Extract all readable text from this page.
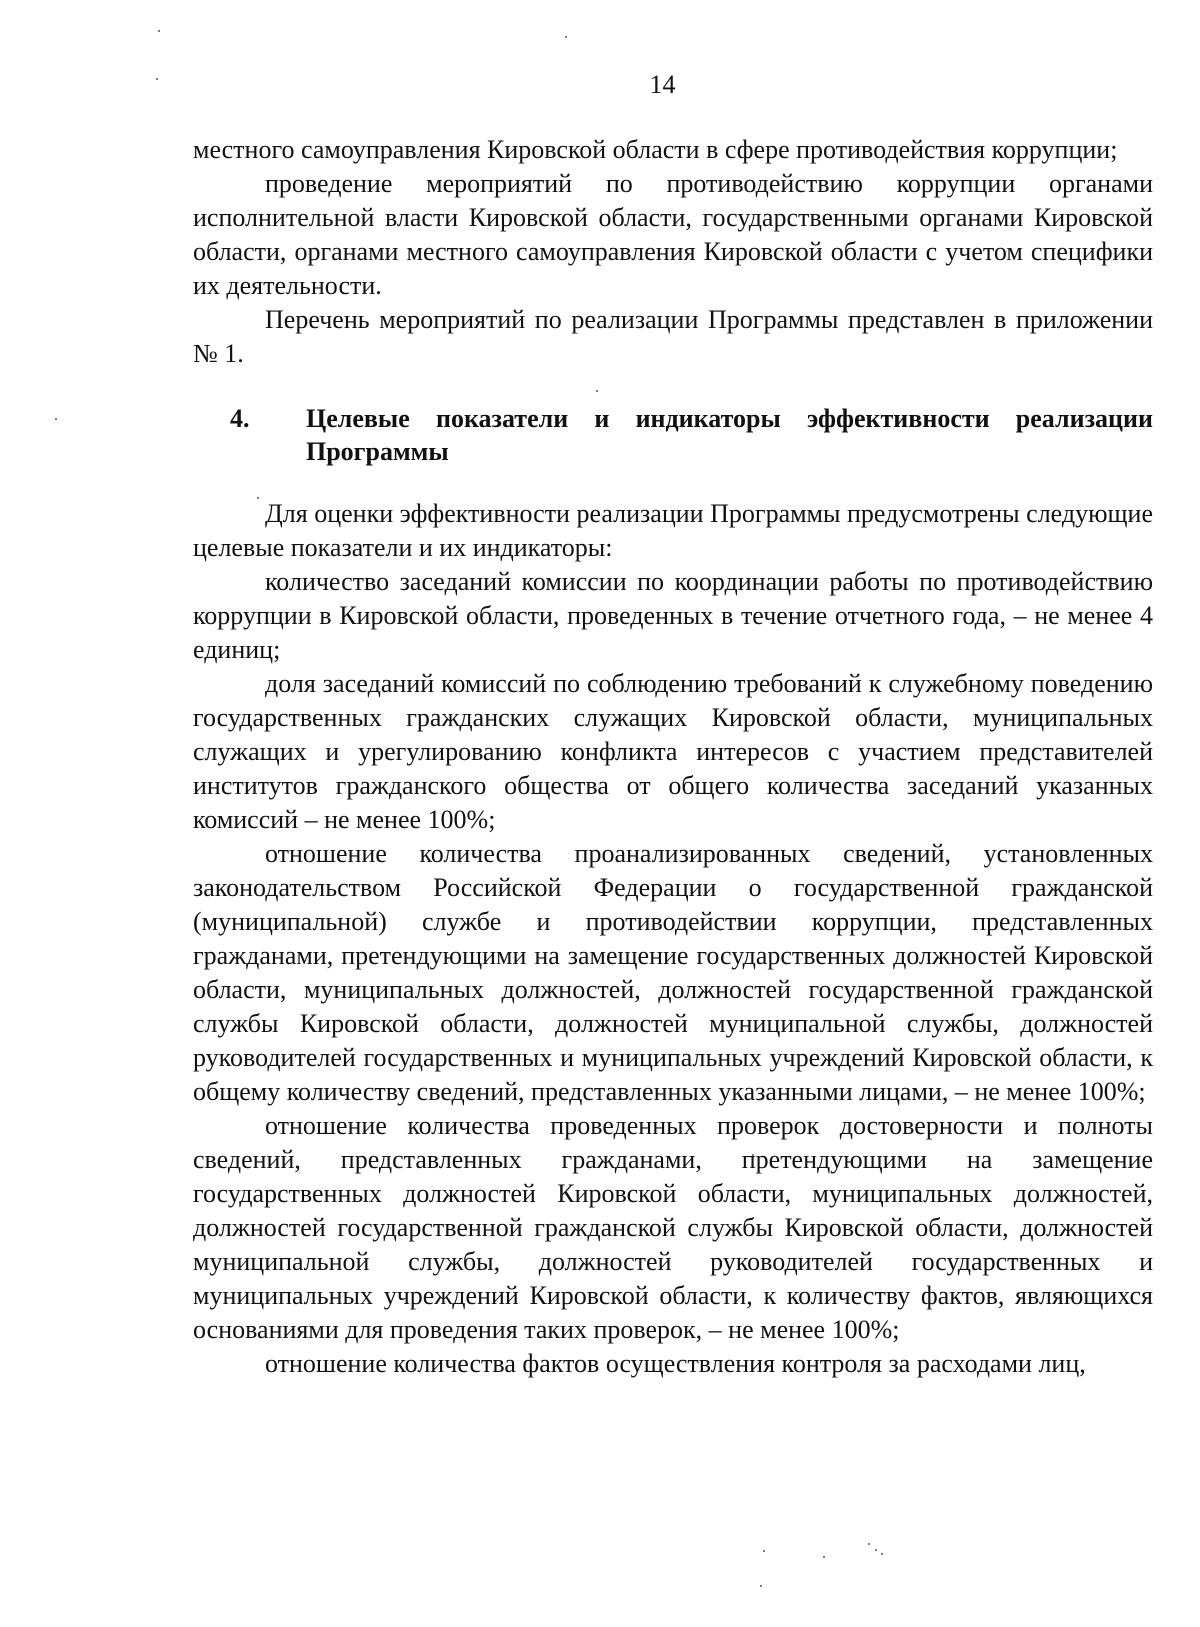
14

местного самоуправления Кировской области в сфере противодействия коррупции;

проведение мероприятий по противодействию коррупции органами исполнительной власти Кировской области, государственными органами Кировской области, органами местного самоуправления Кировской области с учетом специфики их деятельности.

Перечень мероприятий по реализации Программы представлен в приложении № 1.

4. Целевые показатели и индикаторы эффективности реализации Программы

Для оценки эффективности реализации Программы предусмотрены следующие целевые показатели и их индикаторы:

количество заседаний комиссии по координации работы по противодействию коррупции в Кировской области, проведенных в течение отчетного года, – не менее 4 единиц;

доля заседаний комиссий по соблюдению требований к служебному поведению государственных гражданских служащих Кировской области, муниципальных служащих и урегулированию конфликта интересов с участием представителей институтов гражданского общества от общего количества заседаний указанных комиссий – не менее 100%;

отношение количества проанализированных сведений, установленных законодательством Российской Федерации о государственной гражданской (муниципальной) службе и противодействии коррупции, представленных гражданами, претендующими на замещение государственных должностей Кировской области, муниципальных должностей, должностей государственной гражданской службы Кировской области, должностей муниципальной службы, должностей руководителей государственных и муниципальных учреждений Кировской области, к общему количеству сведений, представленных указанными лицами, – не менее 100%;

отношение количества проведенных проверок достоверности и полноты сведений, представленных гражданами, претендующими на замещение государственных должностей Кировской области, муниципальных должностей, должностей государственной гражданской службы Кировской области, должностей муниципальной службы, должностей руководителей государственных и муниципальных учреждений Кировской области, к количеству фактов, являющихся основаниями для проведения таких проверок, – не менее 100%;

отношение количества фактов осуществления контроля за расходами лиц,
